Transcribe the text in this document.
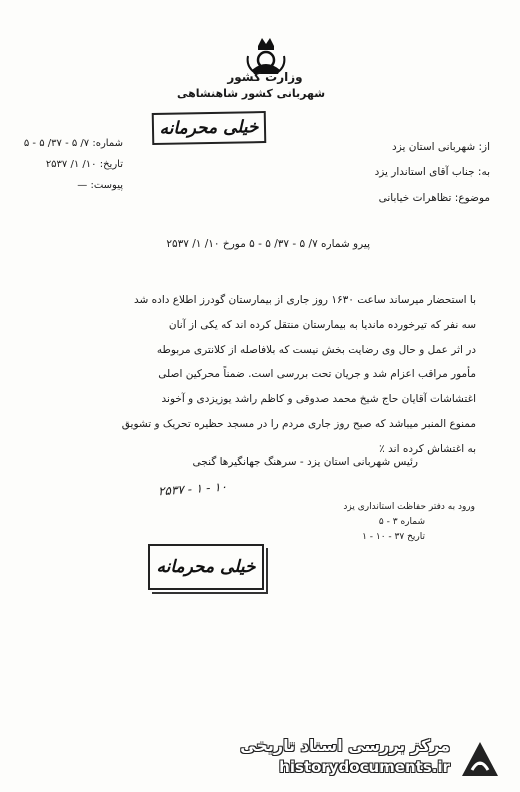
وزارت کشور
شهربانی کشور شاهنشاهی
خیلی محرمانه
شماره: ۷/ ۵ - ۳۷/ ۵ - ۵
تاریخ: ۱۰/ ۱/ ۲۵۳۷
پیوست: —
از: شهربانی استان یزد
به: جناب آقای استاندار یزد
موضوع: تظاهرات خیابانی
پیرو شماره ۷/ ۵ - ۳۷/ ۵ - ۵ مورخ ۱۰/ ۱/ ۲۵۳۷
با استحضار میرساند ساعت ۱۶۳۰ روز جاری از بیمارستان گودرز اطلاع داده شد
سه نفر که تیرخورده ماندیا به بیمارستان منتقل کرده اند که یکی از آنان
در اثر عمل و حال وی رضایت بخش نیست که بلافاصله از کلانتری مربوطه
مأمور مراقب اعزام شد و جریان تحت بررسی است. ضمناً محرکین اصلی
اغتشاشات آقایان حاج شیخ محمد صدوقی و کاظم راشد یوزیزدی و آخوند
ممنوع المنبر میباشد که صبح روز جاری مردم را در مسجد حظیره تحریک و تشویق
به اغتشاش کرده اند ٪
رئیس شهربانی استان یزد - سرهنگ جهانگیرها گنجی
۲۵۳۷ - ۱ - ۱۰
ورود به دفتر حفاظت استانداری یزد
شماره ۳ - ۵
تاریخ ۳۷ - ۱۰ - ۱
خیلی محرمانه
مرکز بررسی اسناد تاریخی
historydocuments.ir
